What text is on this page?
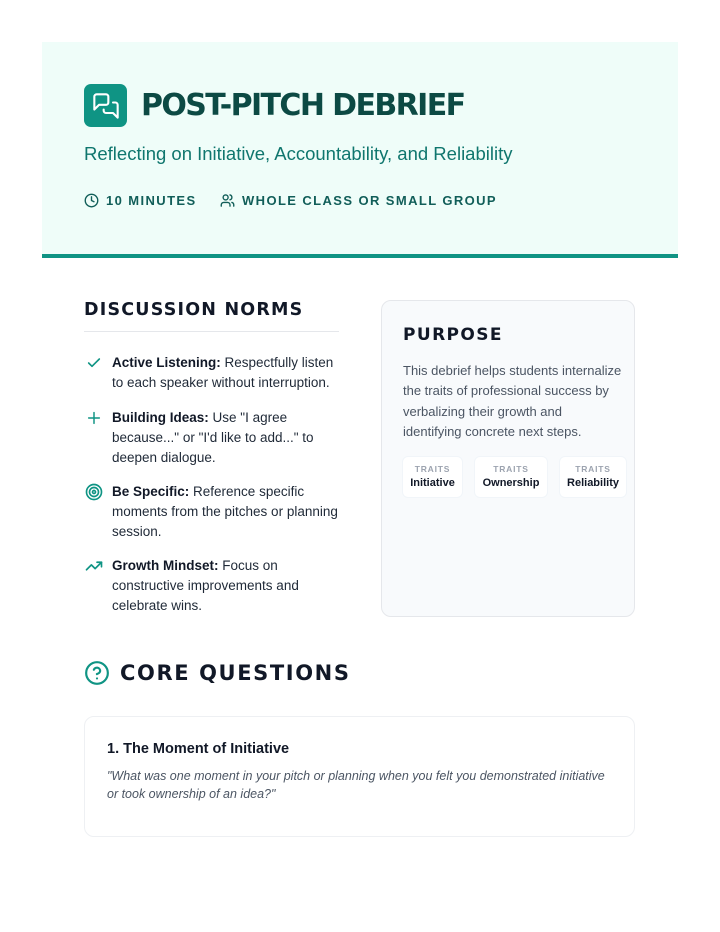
POST-PITCH DEBRIEF
Reflecting on Initiative, Accountability, and Reliability
10 MINUTES	WHOLE CLASS OR SMALL GROUP
DISCUSSION NORMS
Active Listening: Respectfully listen to each speaker without interruption.
Building Ideas: Use "I agree because..." or "I'd like to add..." to deepen dialogue.
Be Specific: Reference specific moments from the pitches or planning session.
Growth Mindset: Focus on constructive improvements and celebrate wins.
PURPOSE
This debrief helps students internalize the traits of professional success by verbalizing their growth and identifying concrete next steps.
TRAITS
Initiative
TRAITS
Ownership
TRAITS
Reliability
CORE QUESTIONS
1. The Moment of Initiative
"What was one moment in your pitch or planning when you felt you demonstrated initiative or took ownership of an idea?"
